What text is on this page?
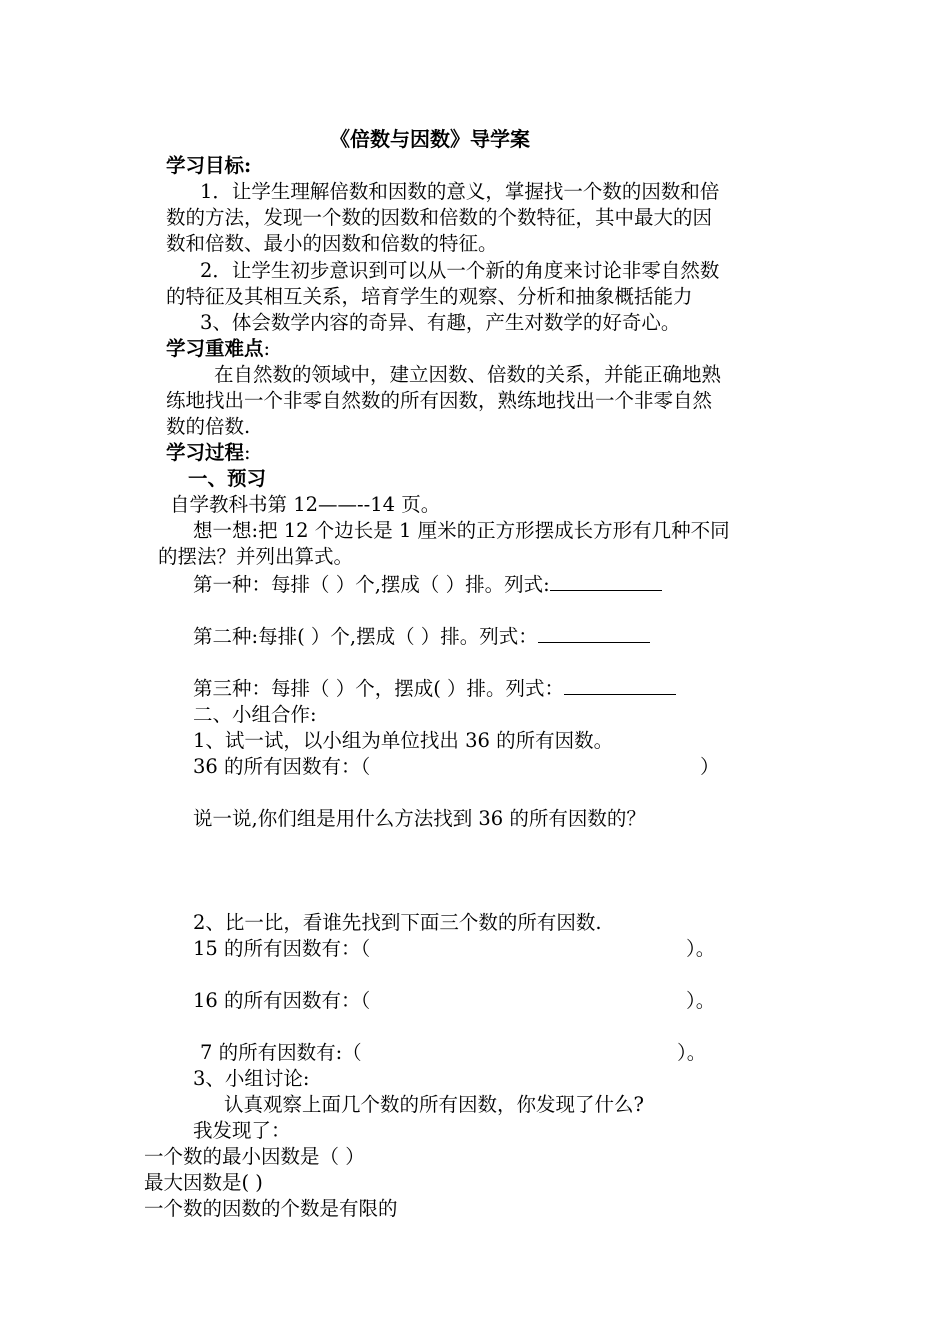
《倍数与因数》导学案
学习目标:
1．让学生理解倍数和因数的意义，掌握找一个数的因数和倍
数的方法，发现一个数的因数和倍数的个数特征，其中最大的因
数和倍数、最小的因数和倍数的特征。
2．让学生初步意识到可以从一个新的角度来讨论非零自然数
的特征及其相互关系，培育学生的观察、分析和抽象概括能力
3、体会数学内容的奇异、有趣，产生对数学的好奇心。
学习重难点:
在自然数的领域中，建立因数、倍数的关系，并能正确地熟
练地找出一个非零自然数的所有因数，熟练地找出一个非零自然
数的倍数.
学习过程:
一、预习
自学教科书第 12——--14 页。
想一想:把 12 个边长是 1 厘米的正方形摆成长方形有几种不同
的摆法？并列出算式。
第一种：每排（ ）个,摆成（ ）排。列式:
第二种:每排( ）个,摆成（ ）排。列式：
第三种：每排（ ）个，摆成( ）排。列式：
二、小组合作:
1、试一试，以小组为单位找出 36 的所有因数。
36 的所有因数有：（	）
说一说,你们组是用什么方法找到 36 的所有因数的？
2、比一比，看谁先找到下面三个数的所有因数.
15 的所有因数有：（	）。
16 的所有因数有：（	）。
7 的所有因数有:（	）。
3、小组讨论:
认真观察上面几个数的所有因数，你发现了什么?
我发现了：
一个数的最小因数是（ ）
最大因数是( )
一个数的因数的个数是有限的
